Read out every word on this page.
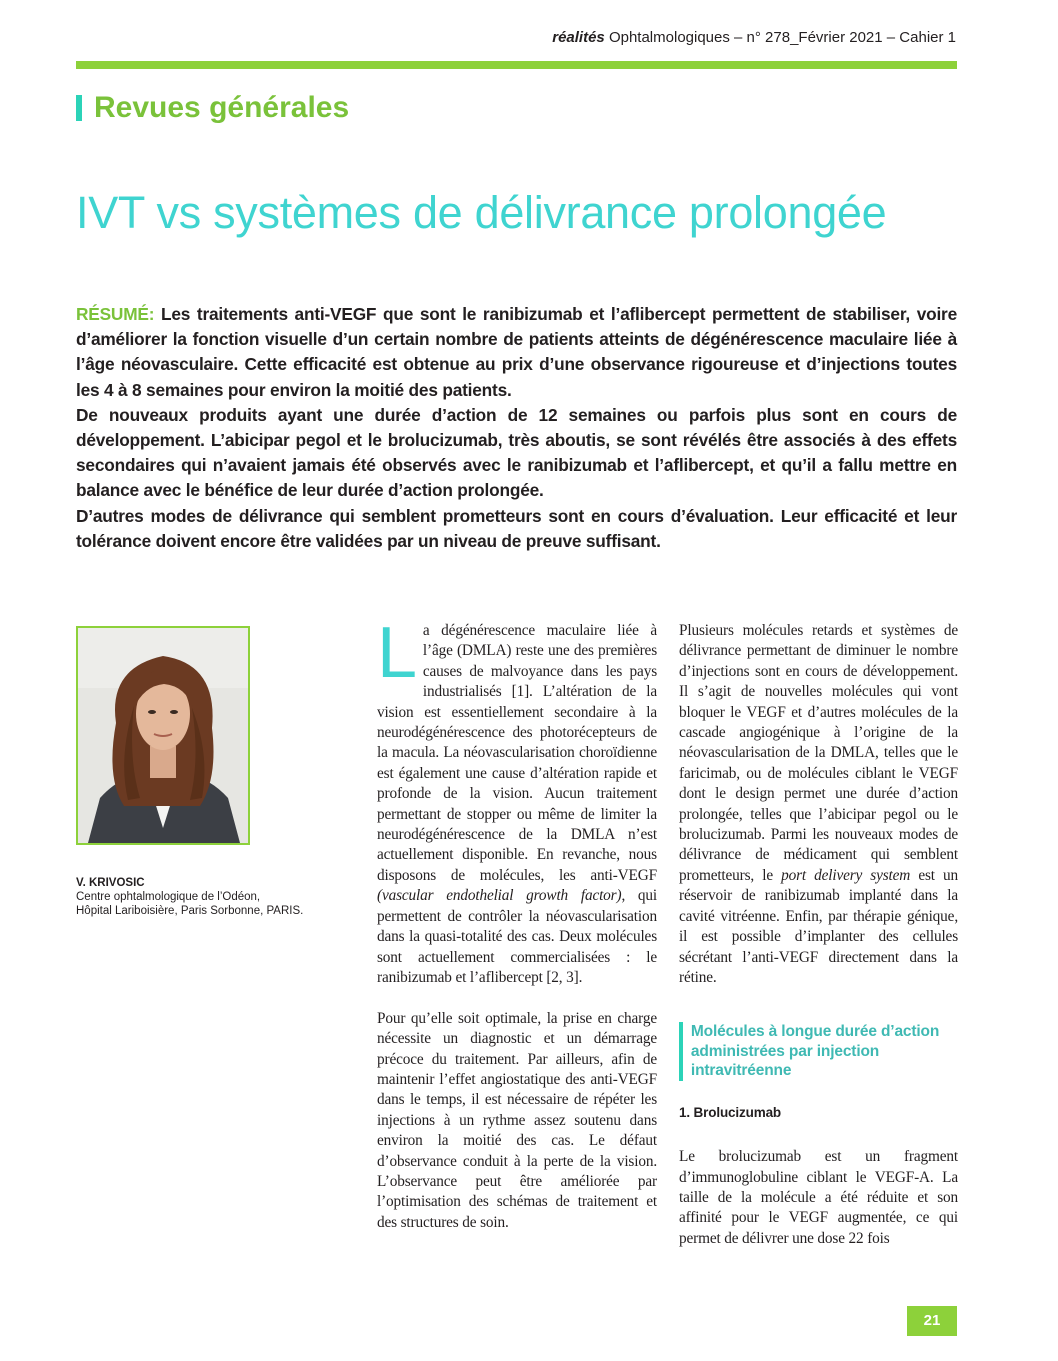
réalités Ophtalmologiques – n° 278_Février 2021 – Cahier 1
Revues générales
IVT vs systèmes de délivrance prolongée

RÉSUMÉ: Les traitements anti-VEGF que sont le ranibizumab et l’aflibercept permettent de stabiliser, voire d’améliorer la fonction visuelle d’un certain nombre de patients atteints de dégénérescence maculaire liée à l’âge néovasculaire. Cette efficacité est obtenue au prix d’une observance rigoureuse et d’injections toutes les 4 à 8 semaines pour environ la moitié des patients.

De nouveaux produits ayant une durée d’action de 12 semaines ou parfois plus sont en cours de développement. L’abicipar pegol et le brolucizumab, très aboutis, se sont révélés être associés à des effets secondaires qui n’avaient jamais été observés avec le ranibizumab et l’aflibercept, et qu’il a fallu mettre en balance avec le bénéfice de leur durée d’action prolongée.

D’autres modes de délivrance qui semblent prometteurs sont en cours d’évaluation. Leur efficacité et leur tolérance doivent encore être validées par un niveau de preuve suffisant.

V. KRIVOSIC
Centre ophtalmologique de l’Odéon,
Hôpital Lariboisière, Paris Sorbonne, PARIS.

La dégénérescence maculaire liée à l’âge (DMLA) reste une des premières causes de malvoyance dans les pays industrialisés [1]. L’altération de la vision est essentiellement secondaire à la neurodégénérescence des photorécepteurs de la macula. La néovascularisation choroïdienne est également une cause d’altération rapide et profonde de la vision. Aucun traitement permettant de stopper ou même de limiter la neurodégénérescence de la DMLA n’est actuellement disponible. En revanche, nous disposons de molécules, les anti-VEGF (vascular endothelial growth factor), qui permettent de contrôler la néovascularisation dans la quasi-totalité des cas. Deux molécules sont actuellement commercialisées : le ranibizumab et l’aflibercept [2, 3].

Pour qu’elle soit optimale, la prise en charge nécessite un diagnostic et un démarrage précoce du traitement. Par ailleurs, afin de maintenir l’effet angiostatique des anti-VEGF dans le temps, il est nécessaire de répéter les injections à un rythme assez soutenu dans environ la moitié des cas. Le défaut d’observance conduit à la perte de la vision. L’observance peut être améliorée par l’optimisation des schémas de traitement et des structures de soin.

Plusieurs molécules retards et systèmes de délivrance permettant de diminuer le nombre d’injections sont en cours de développement. Il s’agit de nouvelles molécules qui vont bloquer le VEGF et d’autres molécules de la cascade angiogénique à l’origine de la néovascularisation de la DMLA, telles que le faricimab, ou de molécules ciblant le VEGF dont le design permet une durée d’action prolongée, telles que l’abicipar pegol ou le brolucizumab. Parmi les nouveaux modes de délivrance de médicament qui semblent prometteurs, le port delivery system est un réservoir de ranibizumab implanté dans la cavité vitréenne. Enfin, par thérapie génique, il est possible d’implanter des cellules sécrétant l’anti-VEGF directement dans la rétine.

Molécules à longue durée d’action administrées par injection intravitréenne

1. Brolucizumab

Le brolucizumab est un fragment d’immunoglobuline ciblant le VEGF-A. La taille de la molécule a été réduite et son affinité pour le VEGF augmentée, ce qui permet de délivrer une dose 22 fois

21
